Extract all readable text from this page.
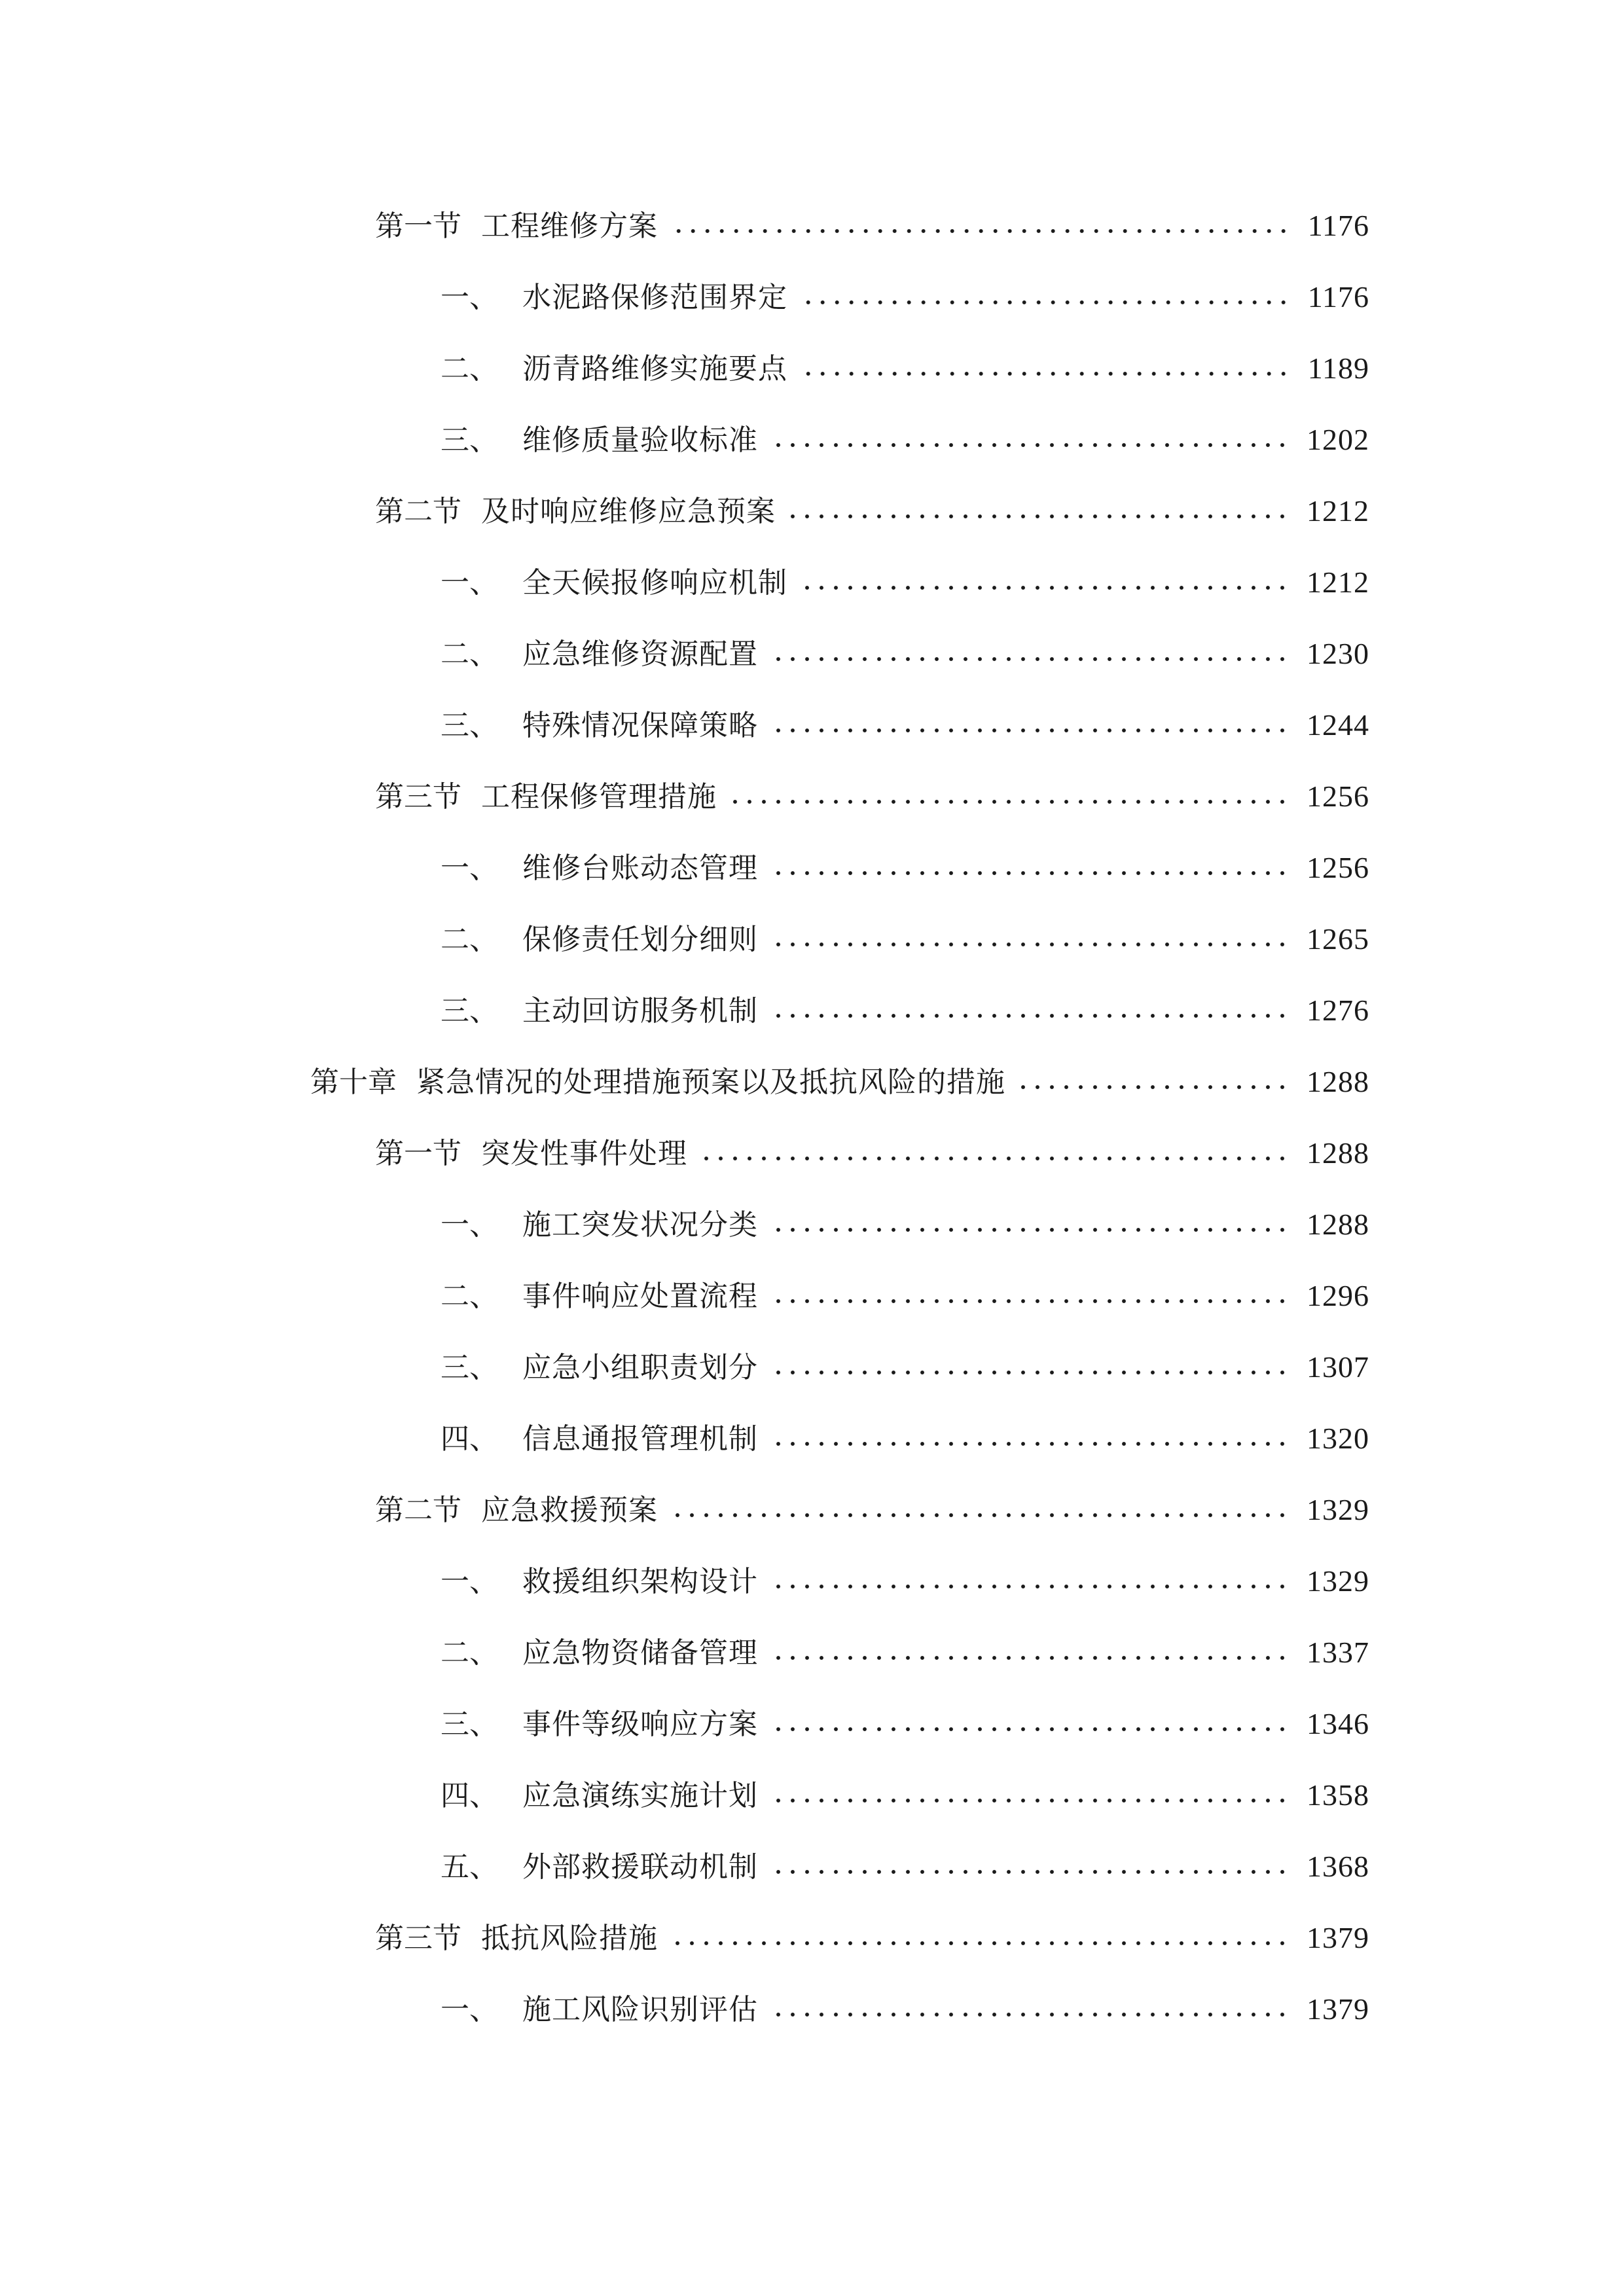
第一节 工程维修方案	1176
一、 水泥路保修范围界定	1176
二、 沥青路维修实施要点	1189
三、 维修质量验收标准	1202
第二节 及时响应维修应急预案	1212
一、 全天候报修响应机制	1212
二、 应急维修资源配置	1230
三、 特殊情况保障策略	1244
第三节 工程保修管理措施	1256
一、 维修台账动态管理	1256
二、 保修责任划分细则	1265
三、 主动回访服务机制	1276
第十章 紧急情况的处理措施预案以及抵抗风险的措施	1288
第一节 突发性事件处理	1288
一、 施工突发状况分类	1288
二、 事件响应处置流程	1296
三、 应急小组职责划分	1307
四、 信息通报管理机制	1320
第二节 应急救援预案	1329
一、 救援组织架构设计	1329
二、 应急物资储备管理	1337
三、 事件等级响应方案	1346
四、 应急演练实施计划	1358
五、 外部救援联动机制	1368
第三节 抵抗风险措施	1379
一、 施工风险识别评估	1379
